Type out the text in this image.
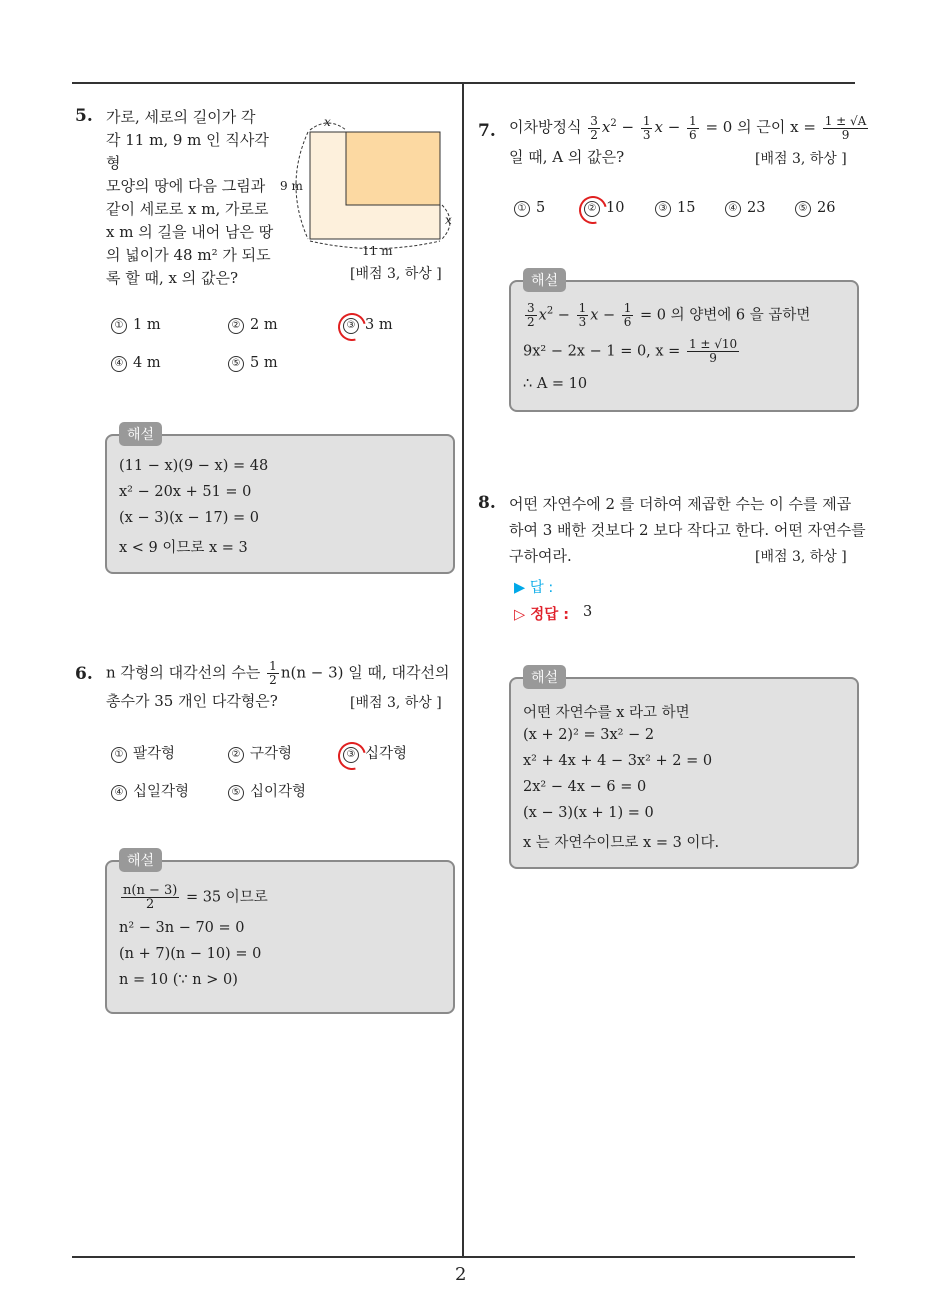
2
5. 가로, 세로의 길이가 각
각 11 m, 9 m 인 직사각형
모양의 땅에 다음 그림과
같이 세로로 x m, 가로로
x m 의 길을 내어 남은 땅
의 넓이가 48 m² 가 되도
록 할 때, x 의 값은?
x
9 m
11 m
x
[배점 3, 하상 ]
① 1 m	② 2 m	③ 3 m
④ 4 m	⑤ 5 m
해설
(11 − x)(9 − x) = 48
x² − 20x + 51 = 0
(x − 3)(x − 17) = 0
x < 9 이므로 x = 3
6. n 각형의 대각선의 수는 $\frac{1}{2} n(n - 3)$ 일 때, 대각선의
총수가 35 개인 다각형은?	[배점 3, 하상 ]
① 팔각형	② 구각형	③ 십각형
④ 십일각형	⑤ 십이각형
해설
$\frac{n(n - 3)}{2} = 35$ 이므로
n² − 3n − 70 = 0
(n + 7)(n − 10) = 0
n = 10 (∵ n > 0)
7. 이차방정식 $\frac{3}{2} x^2 - \frac{1}{3}$ $x - \frac{1}{6} = 0$ 의 근이 $x = \frac{1 \pm √A}{9}$
일 때, A 의 값은?	[배점 3, 하상 ]
① 5	② 10	③ 15	④ 23	⑤ 26
해설
$\frac{3}{2} x^2 - \frac{1}{3}$ $x - \frac{1}{6} = 0$ 의 양변에 6 을 곱하면
9x² − 2x − 1 = 0, $x = \frac{1 \pm √10}{9}$
∴ A = 10
8. 어떤 자연수에 2 를 더하여 제곱한 수는 이 수를 제곱
하여 3 배한 것보다 2 보다 작다고 한다. 어떤 자연수를
구하여라.	[배점 3, 하상 ]
▶ 답 :
▷ 정답 : 3
해설
어떤 자연수를 x 라고 하면
(x + 2)² = 3x² − 2
x² + 4x + 4 − 3x² + 2 = 0
2x² − 4x − 6 = 0
(x − 3)(x + 1) = 0
x 는 자연수이므로 x = 3 이다.
